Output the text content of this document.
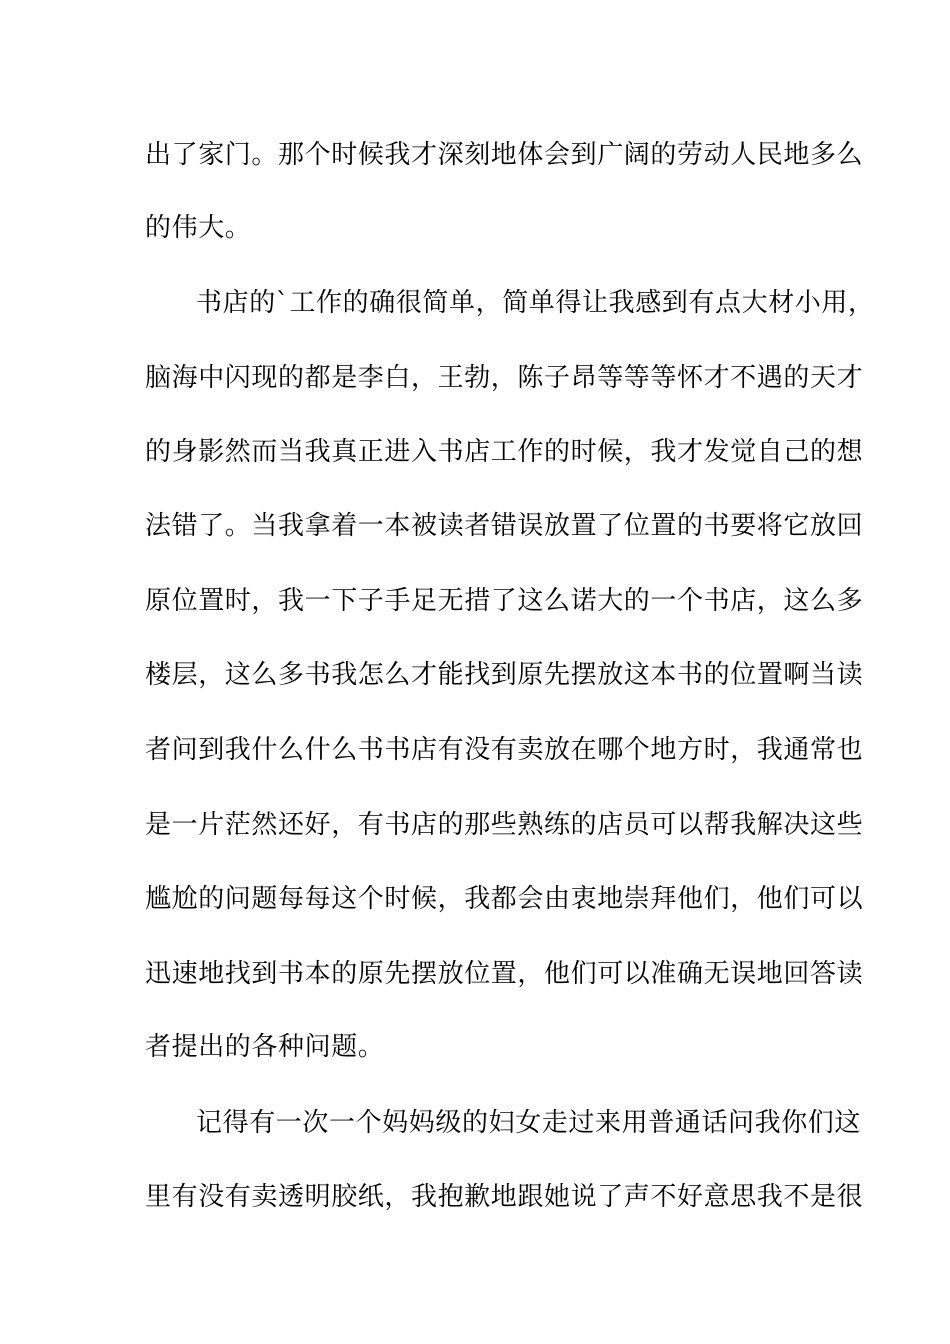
出了家门。那个时候我才深刻地体会到广阔的劳动人民地多么
的伟大。
书店的`工作的确很简单，简单得让我感到有点大材小用，
脑海中闪现的都是李白，王勃，陈子昂等等等怀才不遇的天才
的身影然而当我真正进入书店工作的时候，我才发觉自己的想
法错了。当我拿着一本被读者错误放置了位置的书要将它放回
原位置时，我一下子手足无措了这么诺大的一个书店，这么多
楼层，这么多书我怎么才能找到原先摆放这本书的位置啊当读
者问到我什么什么书书店有没有卖放在哪个地方时，我通常也
是一片茫然还好，有书店的那些熟练的店员可以帮我解决这些
尴尬的问题每每这个时候，我都会由衷地崇拜他们，他们可以
迅速地找到书本的原先摆放位置，他们可以准确无误地回答读
者提出的各种问题。
记得有一次一个妈妈级的妇女走过来用普通话问我你们这
里有没有卖透明胶纸，我抱歉地跟她说了声不好意思我不是很
